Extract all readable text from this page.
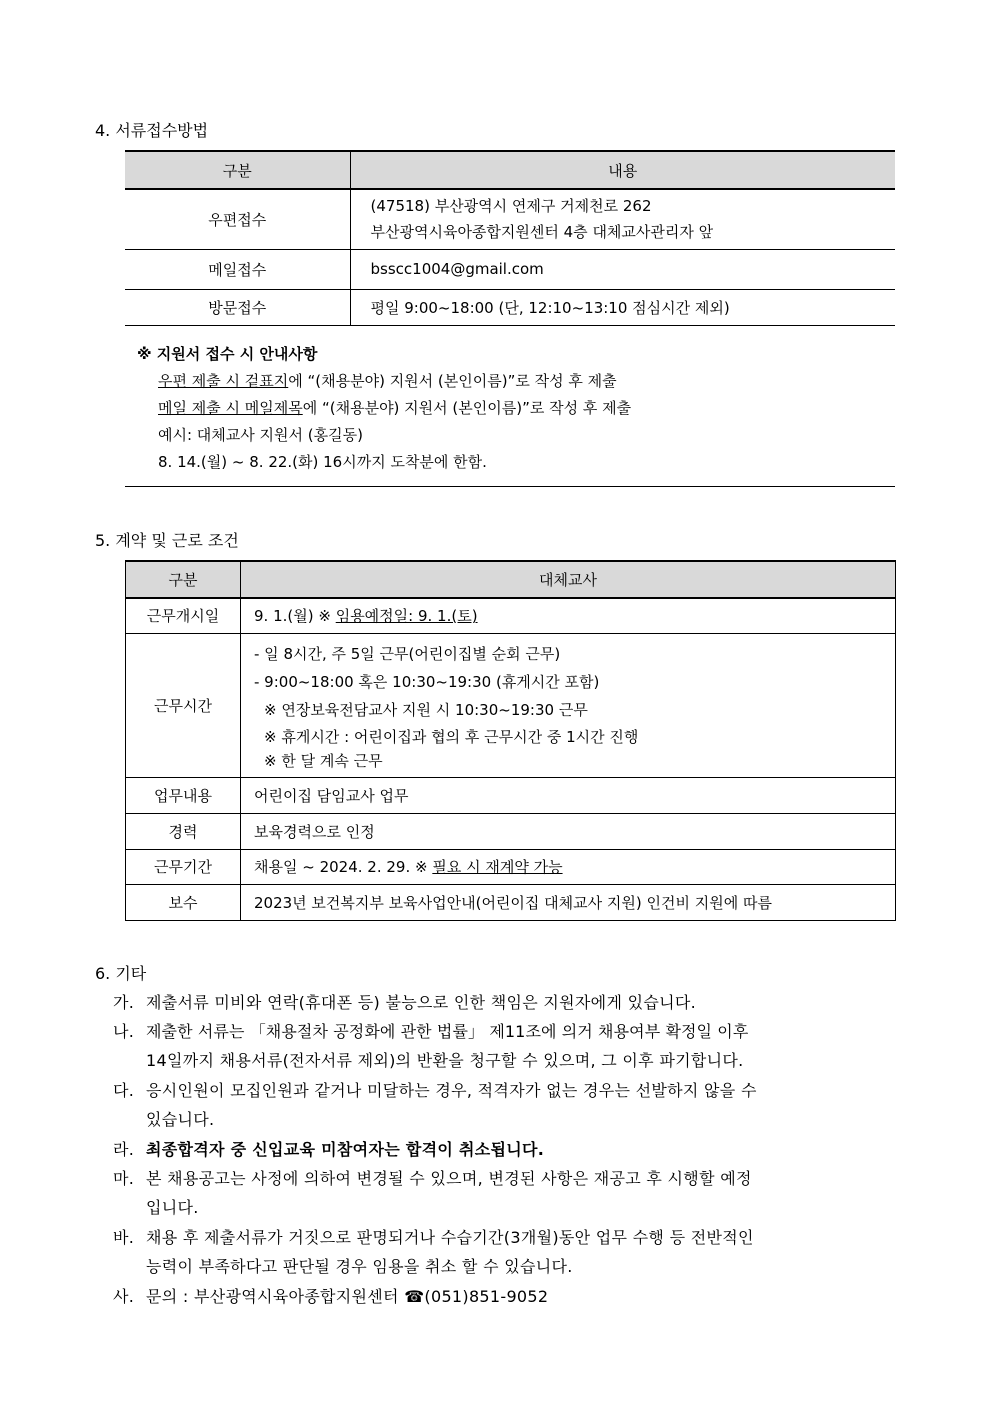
4. 서류접수방법
구분	내용
우편접수	(47518) 부산광역시 연제구 거제천로 262
부산광역시육아종합지원센터 4층 대체교사관리자 앞

메일접수	bsscc1004@gmail.com
방문접수	평일 9:00~18:00 (단, 12:10~13:10 점심시간 제외)
※ 지원서 접수 시 안내사항
우편 제출 시 겉표지에 “(채용분야) 지원서 (본인이름)”로 작성 후 제출
메일 제출 시 메일제목에 “(채용분야) 지원서 (본인이름)”로 작성 후 제출
예시: 대체교사 지원서 (홍길동)
8. 14.(월) ~ 8. 22.(화) 16시까지 도착분에 한함.
5. 계약 및 근로 조건
구분	대체교사
근무개시일	9. 1.(월) ※ 임용예정일: 9. 1.(토)
근무시간	- 일 8시간, 주 5일 근무(어린이집별 순회 근무)
- 9:00~18:00 혹은 10:30~19:30 (휴게시간 포함)
※ 연장보육전담교사 지원 시 10:30~19:30 근무
※ 휴게시간 : 어린이집과 협의 후 근무시간 중 1시간 진행
※ 한 달 계속 근무

업무내용	어린이집 담임교사 업무
경력	보육경력으로 인정
근무기간	채용일 ~ 2024. 2. 29. ※ 필요 시 재계약 가능
보수	2023년 보건복지부 보육사업안내(어린이집 대체교사 지원) 인건비 지원에 따름
6. 기타
가. 제출서류 미비와 연락(휴대폰 등) 불능으로 인한 책임은 지원자에게 있습니다.
나. 제출한 서류는 「채용절차 공정화에 관한 법률」 제11조에 의거 채용여부 확정일 이후
14일까지 채용서류(전자서류 제외)의 반환을 청구할 수 있으며, 그 이후 파기합니다.
다. 응시인원이 모집인원과 같거나 미달하는 경우, 적격자가 없는 경우는 선발하지 않을 수
있습니다.
라. 최종합격자 중 신입교육 미참여자는 합격이 취소됩니다.
마. 본 채용공고는 사정에 의하여 변경될 수 있으며, 변경된 사항은 재공고 후 시행할 예정
입니다.
바. 채용 후 제출서류가 거짓으로 판명되거나 수습기간(3개월)동안 업무 수행 등 전반적인
능력이 부족하다고 판단될 경우 임용을 취소 할 수 있습니다.
사. 문의 : 부산광역시육아종합지원센터 ☎(051)851-9052
